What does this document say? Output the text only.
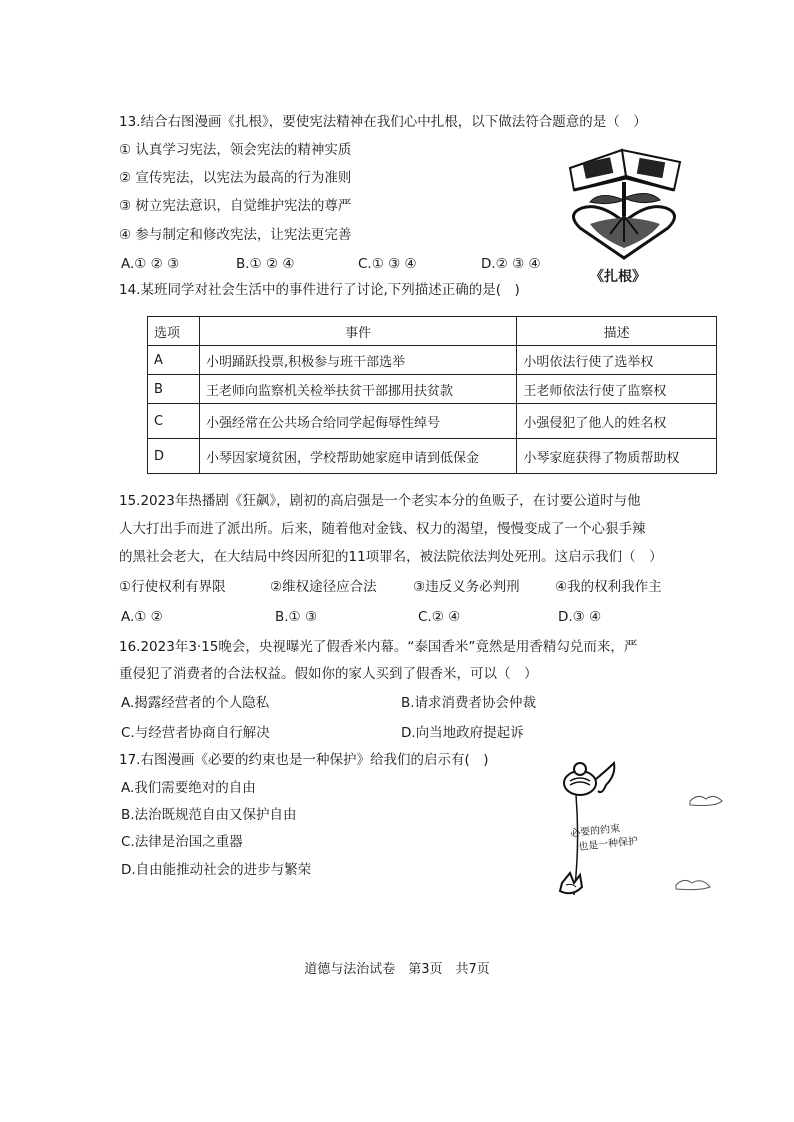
13.结合右图漫画《扎根》，要使宪法精神在我们心中扎根，以下做法符合题意的是（　）
① 认真学习宪法，领会宪法的精神实质
② 宣传宪法，以宪法为最高的行为准则
③ 树立宪法意识，自觉维护宪法的尊严
④ 参与制定和修改宪法，让宪法更完善
A.① ② ③	B.① ② ④	C.① ③ ④	D.② ③ ④
《扎根》
14.某班同学对社会生活中的事件进行了讨论,下列描述正确的是(　)
选项	事件	描述
A	小明踊跃投票,积极参与班干部选举	小明依法行使了选举权
B	王老师向监察机关检举扶贫干部挪用扶贫款	王老师依法行使了监察权
C	小强经常在公共场合给同学起侮辱性绰号	小强侵犯了他人的姓名权
D	小琴因家境贫困，学校帮助她家庭申请到低保金	小琴家庭获得了物质帮助权
15.2023年热播剧《狂飙》，剧初的高启强是一个老实本分的鱼贩子，在讨要公道时与他
人大打出手而进了派出所。后来，随着他对金钱、权力的渴望，慢慢变成了一个心狠手辣
的黑社会老大，在大结局中终因所犯的11项罪名，被法院依法判处死刑。这启示我们（　）
①行使权利有界限	②维权途径应合法	③违反义务必判刑	④我的权利我作主
A.① ②	B.① ③	C.② ④	D.③ ④
16.2023年3·15晚会，央视曝光了假香米内幕。“泰国香米”竟然是用香精勾兑而来，严
重侵犯了消费者的合法权益。假如你的家人买到了假香米，可以（　）
A.揭露经营者的个人隐私	B.请求消费者协会仲裁
C.与经营者协商自行解决	D.向当地政府提起诉
17.右图漫画《必要的约束也是一种保护》给我们的启示有(　)
A.我们需要绝对的自由
B.法治既规范自由又保护自由
C.法律是治国之重器
D.自由能推动社会的进步与繁荣
必要的约束
也是一种保护
道德与法治试卷　第3页　共7页
